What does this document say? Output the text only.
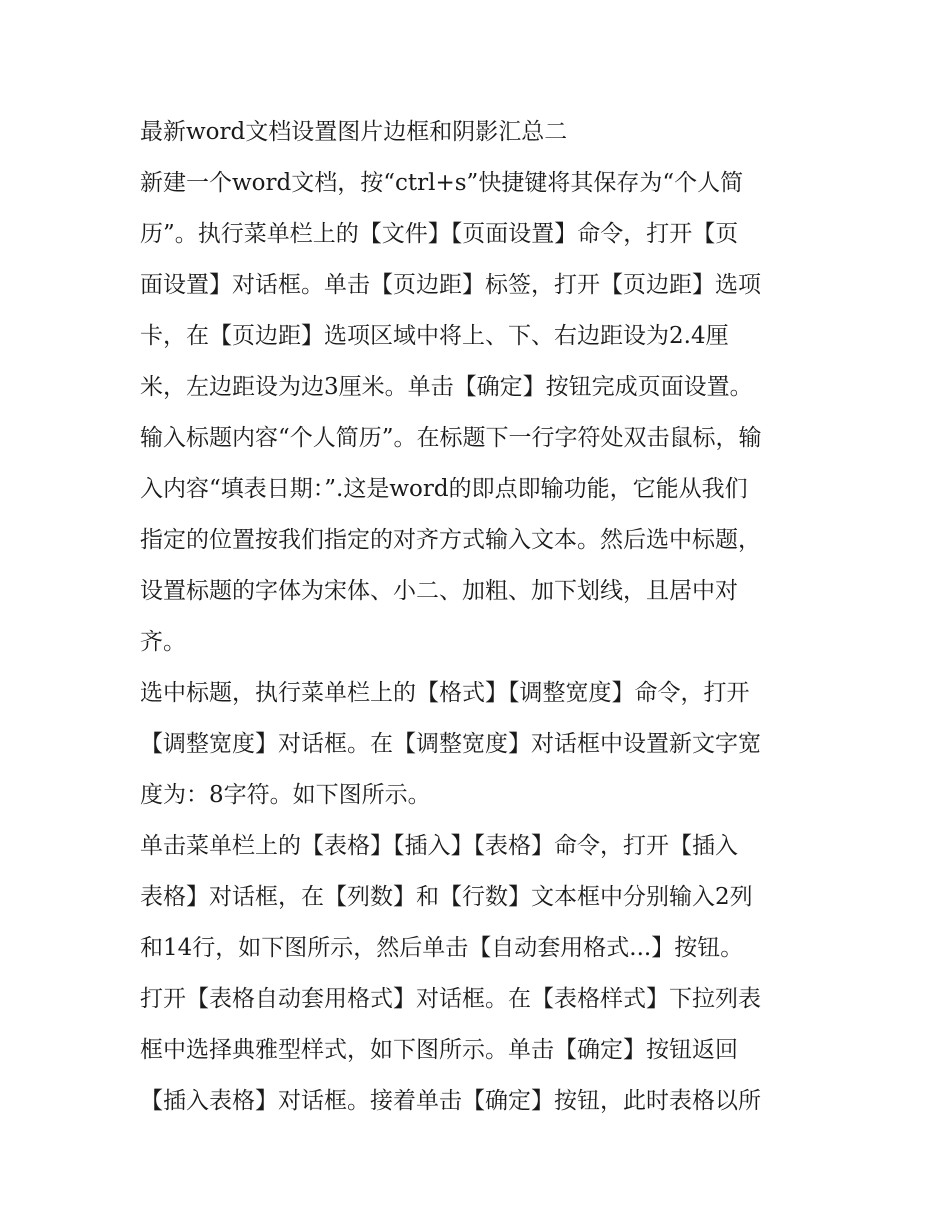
最新word文档设置图片边框和阴影汇总二
新建一个word文档，按“ctrl+s”快捷键将其保存为“个人简
历”。执行菜单栏上的【文件】【页面设置】命令，打开【页
面设置】对话框。单击【页边距】标签，打开【页边距】选项
卡，在【页边距】选项区域中将上、下、右边距设为2.4厘
米，左边距设为边3厘米。单击【确定】按钮完成页面设置。
输入标题内容“个人简历”。在标题下一行字符处双击鼠标，输
入内容“填表日期：”.这是word的即点即输功能，它能从我们
指定的位置按我们指定的对齐方式输入文本。然后选中标题，
设置标题的字体为宋体、小二、加粗、加下划线，且居中对
齐。
选中标题，执行菜单栏上的【格式】【调整宽度】命令，打开
【调整宽度】对话框。在【调整宽度】对话框中设置新文字宽
度为：8字符。如下图所示。
单击菜单栏上的【表格】【插入】【表格】命令，打开【插入
表格】对话框，在【列数】和【行数】文本框中分别输入2列
和14行，如下图所示，然后单击【自动套用格式...】按钮。
打开【表格自动套用格式】对话框。在【表格样式】下拉列表
框中选择典雅型样式，如下图所示。单击【确定】按钮返回
【插入表格】对话框。接着单击【确定】按钮，此时表格以所
